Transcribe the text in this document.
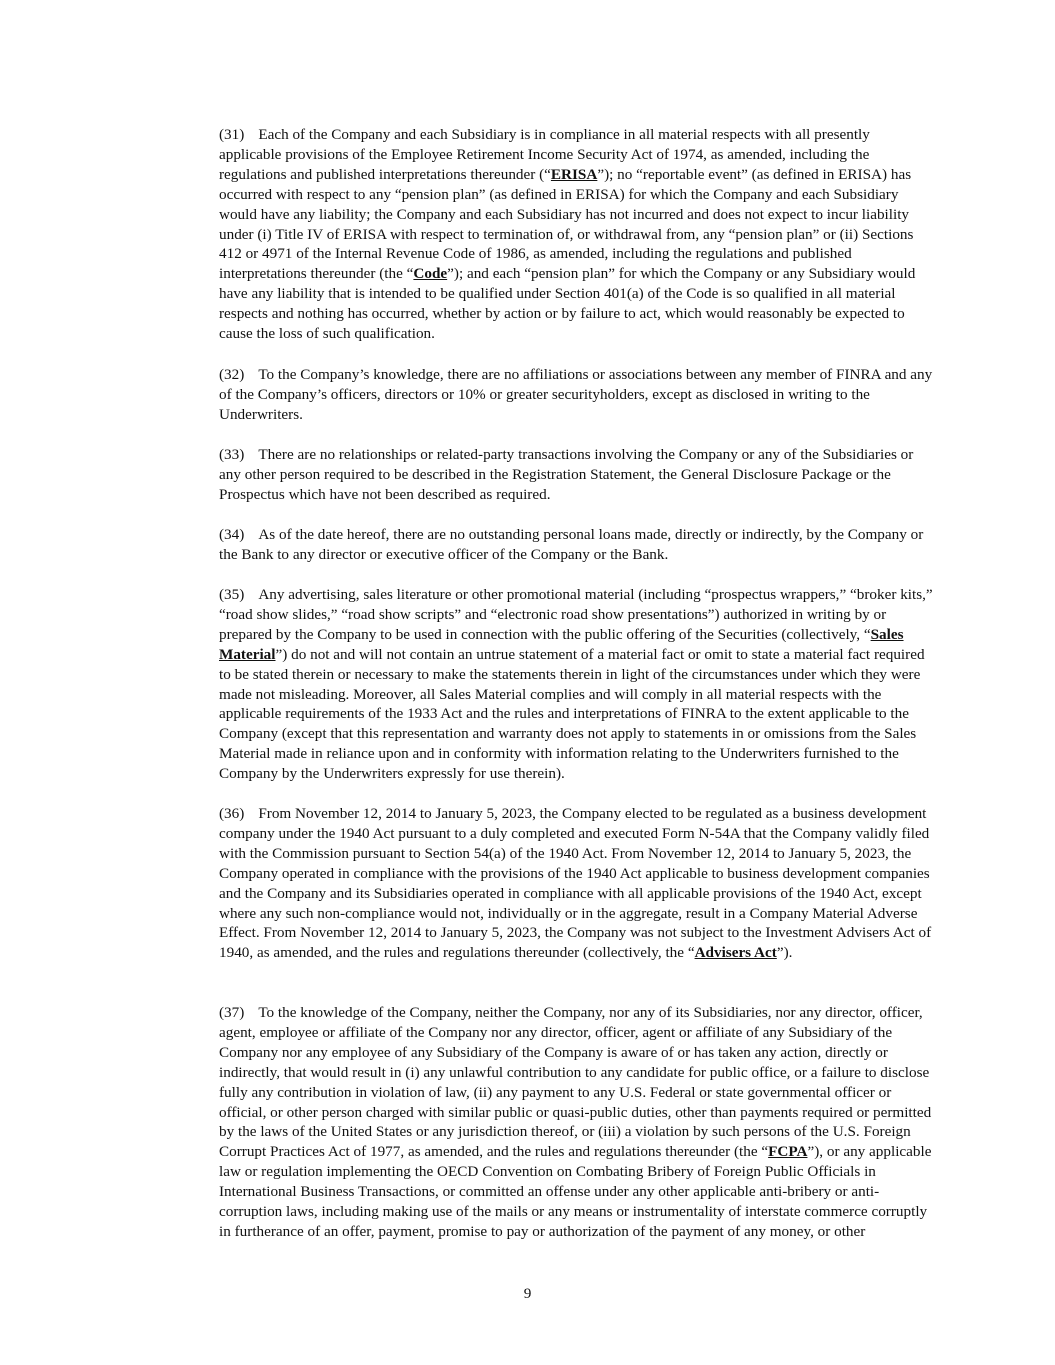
(31) Each of the Company and each Subsidiary is in compliance in all material respects with all presently applicable provisions of the Employee Retirement Income Security Act of 1974, as amended, including the regulations and published interpretations thereunder (“ERISA”); no “reportable event” (as defined in ERISA) has occurred with respect to any “pension plan” (as defined in ERISA) for which the Company and each Subsidiary would have any liability; the Company and each Subsidiary has not incurred and does not expect to incur liability under (i) Title IV of ERISA with respect to termination of, or withdrawal from, any “pension plan” or (ii) Sections 412 or 4971 of the Internal Revenue Code of 1986, as amended, including the regulations and published interpretations thereunder (the “Code”); and each “pension plan” for which the Company or any Subsidiary would have any liability that is intended to be qualified under Section 401(a) of the Code is so qualified in all material respects and nothing has occurred, whether by action or by failure to act, which would reasonably be expected to cause the loss of such qualification.

(32) To the Company’s knowledge, there are no affiliations or associations between any member of FINRA and any of the Company’s officers, directors or 10% or greater securityholders, except as disclosed in writing to the Underwriters.

(33) There are no relationships or related-party transactions involving the Company or any of the Subsidiaries or any other person required to be described in the Registration Statement, the General Disclosure Package or the Prospectus which have not been described as required.

(34) As of the date hereof, there are no outstanding personal loans made, directly or indirectly, by the Company or the Bank to any director or executive officer of the Company or the Bank.

(35) Any advertising, sales literature or other promotional material (including “prospectus wrappers,” “broker kits,” “road show slides,” “road show scripts” and “electronic road show presentations”) authorized in writing by or prepared by the Company to be used in connection with the public offering of the Securities (collectively, “Sales Material”) do not and will not contain an untrue statement of a material fact or omit to state a material fact required to be stated therein or necessary to make the statements therein in light of the circumstances under which they were made not misleading. Moreover, all Sales Material complies and will comply in all material respects with the applicable requirements of the 1933 Act and the rules and interpretations of FINRA to the extent applicable to the Company (except that this representation and warranty does not apply to statements in or omissions from the Sales Material made in reliance upon and in conformity with information relating to the Underwriters furnished to the Company by the Underwriters expressly for use therein).

(36) From November 12, 2014 to January 5, 2023, the Company elected to be regulated as a business development company under the 1940 Act pursuant to a duly completed and executed Form N-54A that the Company validly filed with the Commission pursuant to Section 54(a) of the 1940 Act. From November 12, 2014 to January 5, 2023, the Company operated in compliance with the provisions of the 1940 Act applicable to business development companies and the Company and its Subsidiaries operated in compliance with all applicable provisions of the 1940 Act, except where any such non-compliance would not, individually or in the aggregate, result in a Company Material Adverse Effect. From November 12, 2014 to January 5, 2023, the Company was not subject to the Investment Advisers Act of 1940, as amended, and the rules and regulations thereunder (collectively, the “Advisers Act”).

(37) To the knowledge of the Company, neither the Company, nor any of its Subsidiaries, nor any director, officer, agent, employee or affiliate of the Company nor any director, officer, agent or affiliate of any Subsidiary of the Company nor any employee of any Subsidiary of the Company is aware of or has taken any action, directly or indirectly, that would result in (i) any unlawful contribution to any candidate for public office, or a failure to disclose fully any contribution in violation of law, (ii) any payment to any U.S. Federal or state governmental officer or official, or other person charged with similar public or quasi-public duties, other than payments required or permitted by the laws of the United States or any jurisdiction thereof, or (iii) a violation by such persons of the U.S. Foreign Corrupt Practices Act of 1977, as amended, and the rules and regulations thereunder (the “FCPA”), or any applicable law or regulation implementing the OECD Convention on Combating Bribery of Foreign Public Officials in International Business Transactions, or committed an offense under any other applicable anti-bribery or anti-corruption laws, including making use of the mails or any means or instrumentality of interstate commerce corruptly in furtherance of an offer, payment, promise to pay or authorization of the payment of any money, or other

9
